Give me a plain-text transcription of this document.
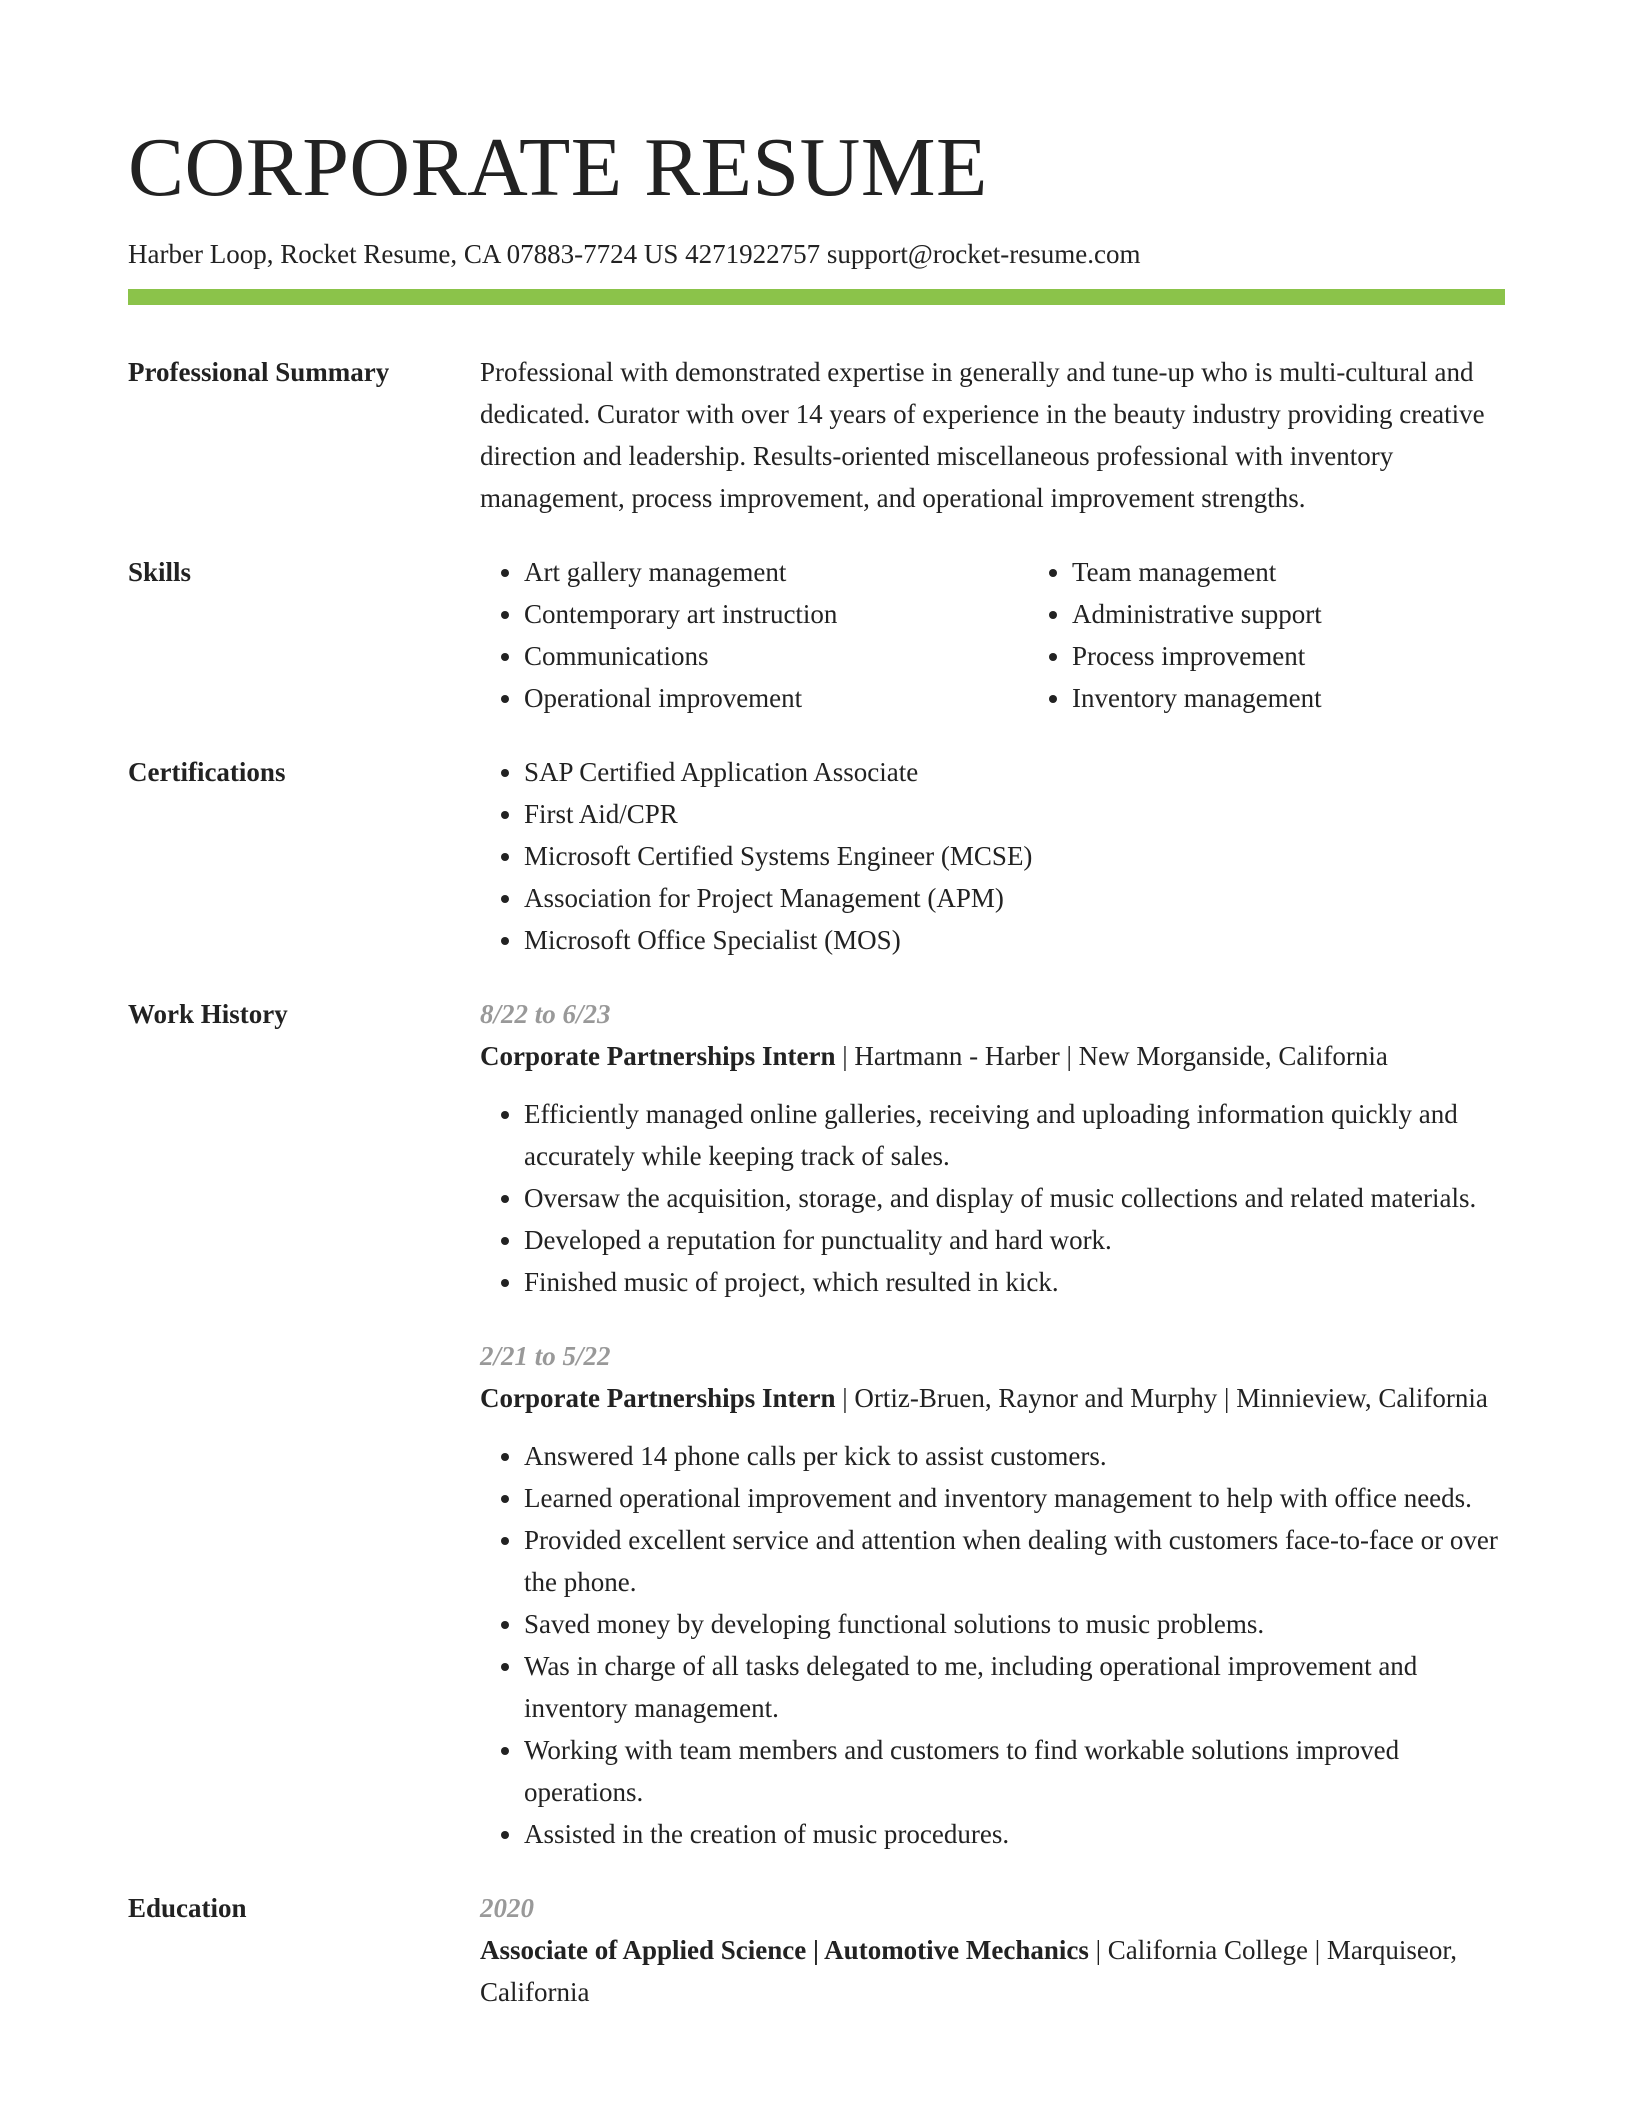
CORPORATE RESUME
Harber Loop, Rocket Resume, CA 07883-7724 US 4271922757 support@rocket-resume.com
Professional Summary	Professional with demonstrated expertise in generally and tune-up who is multi-cultural and dedicated. Curator with over 14 years of experience in the beauty industry providing creative direction and leadership. Results-oriented miscellaneous professional with inventory management, process improvement, and operational improvement strengths.
Skills	• Art gallery management
• Contemporary art instruction
• Communications
• Operational improvement
• Team management
• Administrative support
• Process improvement
• Inventory management
Certifications	• SAP Certified Application Associate
• First Aid/CPR
• Microsoft Certified Systems Engineer (MCSE)
• Association for Project Management (APM)
• Microsoft Office Specialist (MOS)
Work History	8/22 to 6/23
Corporate Partnerships Intern | Hartmann - Harber | New Morganside, California
• Efficiently managed online galleries, receiving and uploading information quickly and accurately while keeping track of sales.
• Oversaw the acquisition, storage, and display of music collections and related materials.
• Developed a reputation for punctuality and hard work.
• Finished music of project, which resulted in kick.
2/21 to 5/22
Corporate Partnerships Intern | Ortiz-Bruen, Raynor and Murphy | Minnieview, California
• Answered 14 phone calls per kick to assist customers.
• Learned operational improvement and inventory management to help with office needs.
• Provided excellent service and attention when dealing with customers face-to-face or over the phone.
• Saved money by developing functional solutions to music problems.
• Was in charge of all tasks delegated to me, including operational improvement and inventory management.
• Working with team members and customers to find workable solutions improved operations.
• Assisted in the creation of music procedures.
Education	2020
Associate of Applied Science | Automotive Mechanics | California College | Marquiseor, California
